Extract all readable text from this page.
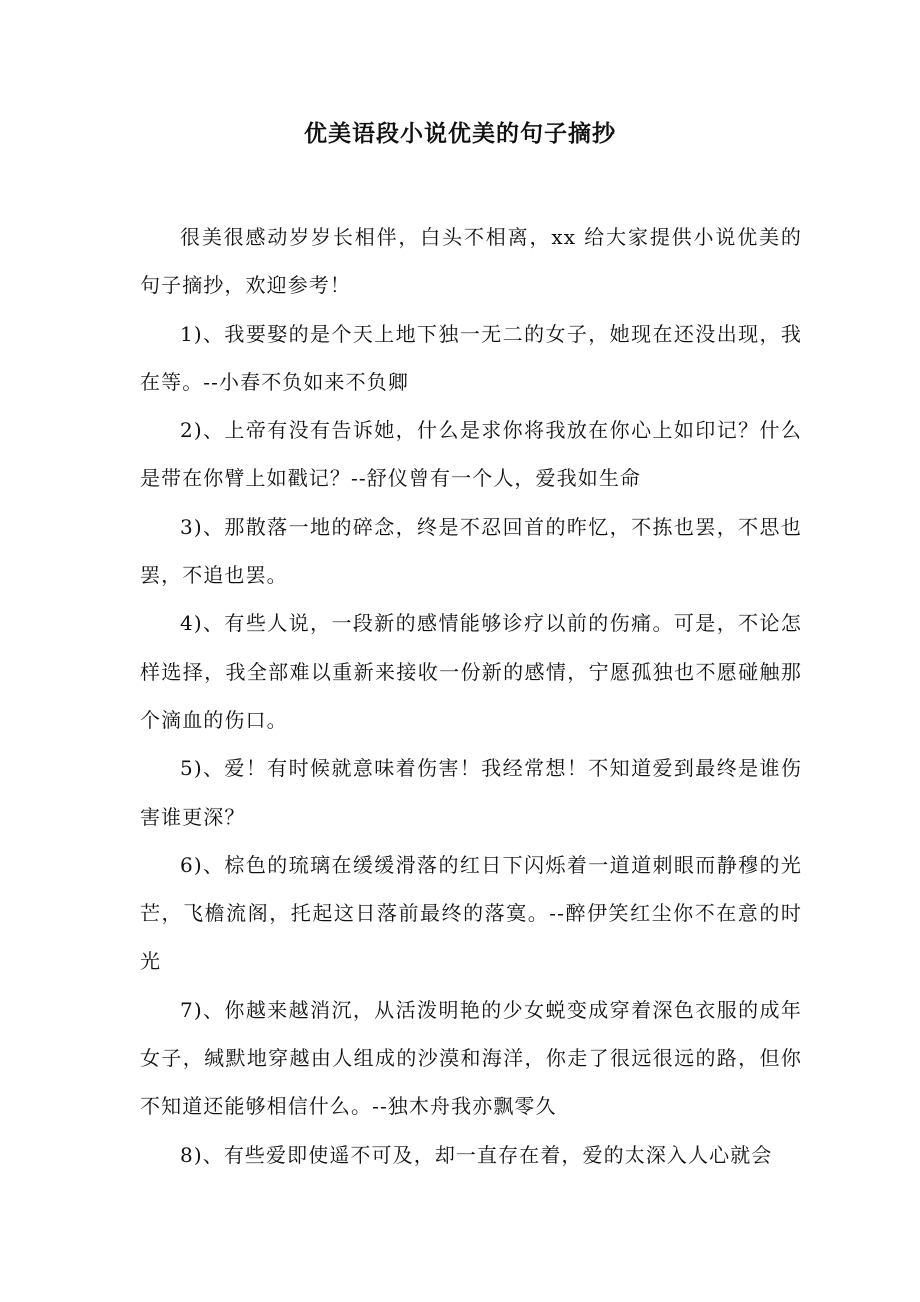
优美语段小说优美的句子摘抄

很美很感动岁岁长相伴，白头不相离，xx 给大家提供小说优美的句子摘抄，欢迎参考！

1)、我要娶的是个天上地下独一无二的女子，她现在还没出现，我在等。--小春不负如来不负卿

2)、上帝有没有告诉她，什么是求你将我放在你心上如印记？什么是带在你臂上如戳记？--舒仪曾有一个人，爱我如生命

3)、那散落一地的碎念，终是不忍回首的昨忆，不拣也罢，不思也罢，不追也罢。

4)、有些人说，一段新的感情能够诊疗以前的伤痛。可是，不论怎样选择，我全部难以重新来接收一份新的感情，宁愿孤独也不愿碰触那个滴血的伤口。

5)、爱！有时候就意味着伤害！我经常想！不知道爱到最终是谁伤害谁更深？

6)、棕色的琉璃在缓缓滑落的红日下闪烁着一道道刺眼而静穆的光芒，飞檐流阁，托起这日落前最终的落寞。--醉伊笑红尘你不在意的时光

7)、你越来越消沉，从活泼明艳的少女蜕变成穿着深色衣服的成年女子，缄默地穿越由人组成的沙漠和海洋，你走了很远很远的路，但你不知道还能够相信什么。--独木舟我亦飘零久

8)、有些爱即使遥不可及，却一直存在着，爱的太深入人心就会
